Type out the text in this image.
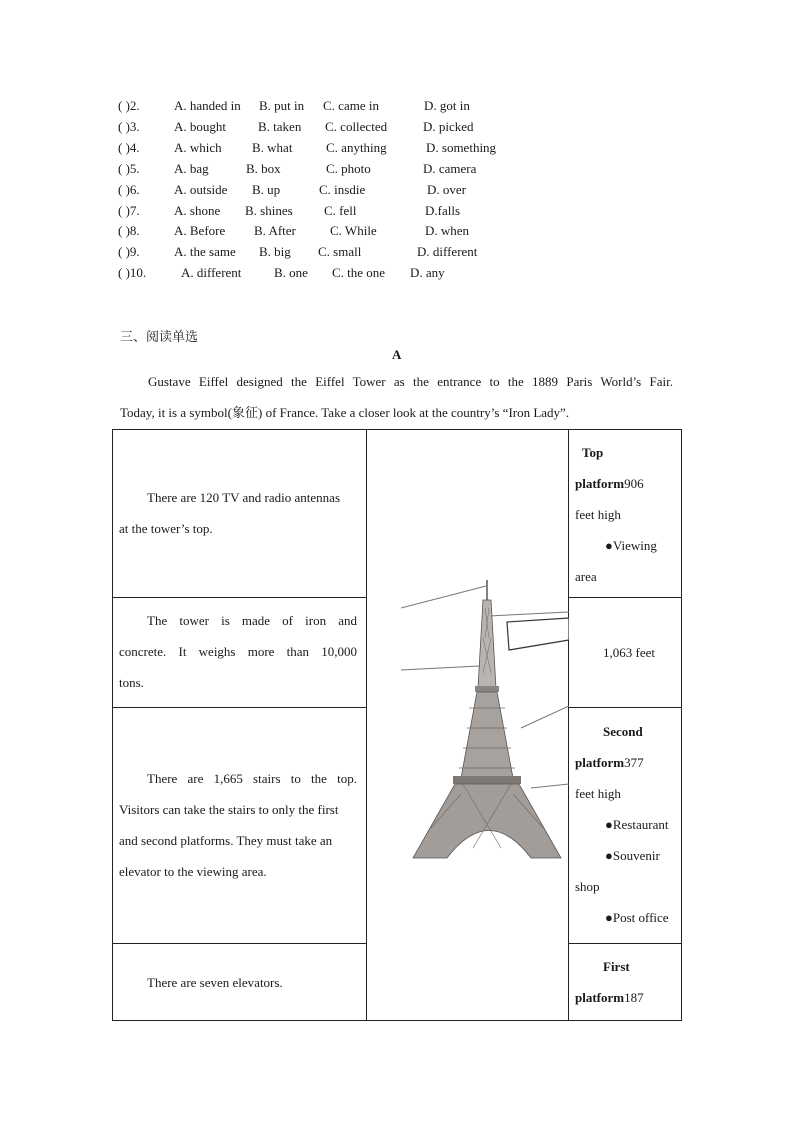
( )2.	A. handed in B. put in C. came in	D. got in
( )3.	A. bought B. taken C. collected	D. picked
( )4.	A. which B. what	C. anything	D. something
( )5.	A. bag	B. box	C. photo	D. camera
( )6.	A. outside B. up	C. insdie	D. over
( )7.	A. shone B. shines C. fell	D.falls
( )8.	A. Before B. After	C. While	D. when
( )9.	A. the same B. big C. small	D. different
( )10.	A. different	B. one C. the one D. any
三、阅读单选
A
Gustave Eiffel designed the Eiffel Tower as the entrance to the 1889 Paris World’s Fair.
Today, it is a symbol(象征) of France. Take a closer look at the country’s “Iron Lady”.
There are 120 TV and radio antennas
at the tower’s top.
The tower is made of iron and
concrete. It weighs more than 10,000
tons.
There are 1,665 stairs to the top.
Visitors can take the stairs to only the first
and second platforms. They must take an
elevator to the viewing area.
There are seven elevators.
Top
platform906
feet high
●Viewing
area
1,063 feet
Second
platform377
feet high
●Restaurant
●Souvenir
shop
●Post office
First
platform187
